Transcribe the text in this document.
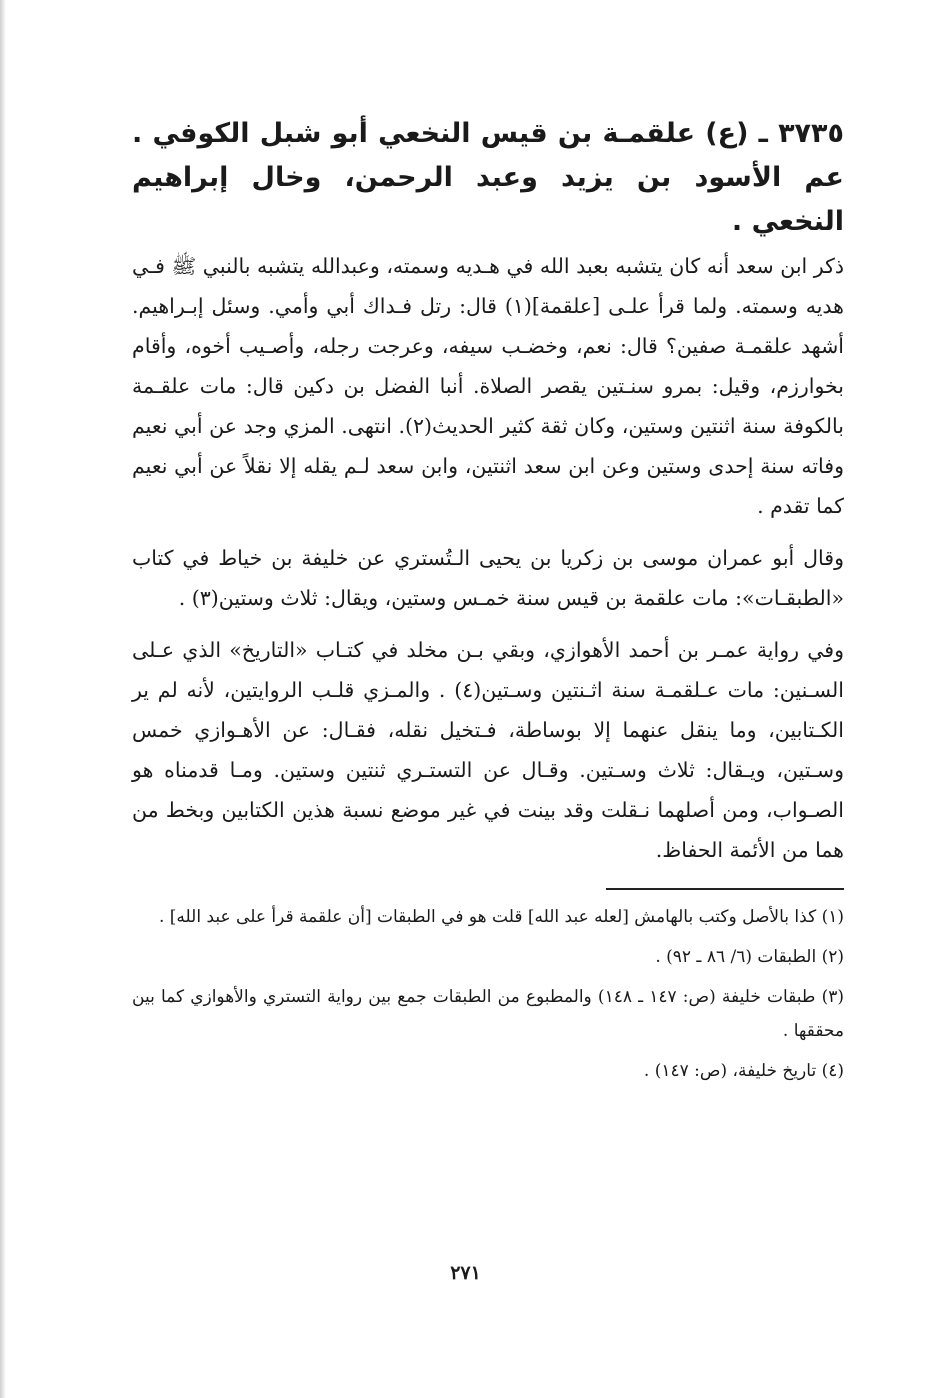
٣٧٣٥ ـ (ع) علقمـة بن قيس النخعي أبو شبل الكوفي . عم الأسود بن يزيد وعبد الرحمن، وخال إبراهيم النخعي .

ذكر ابن سعد أنه كان يتشبه بعبد الله في هـديه وسمته، وعبدالله يتشبه بالنبي ﷺ فـي هديه وسمته. ولما قرأ علـى [علقمة](١) قال: رتل فـداك أبي وأمي. وسئل إبـراهيم. أشهد علقمـة صفين؟ قال: نعم، وخضـب سيفه، وعرجت رجله، وأصـيب أخوه، وأقام بخوارزم، وقيل: بمرو سنـتين يقصر الصلاة. أنبا الفضل بن دكين قال: مات علقـمة بالكوفة سنة اثنتين وستين، وكان ثقة كثير الحديث(٢). انتهى. المزي وجد عن أبي نعيم وفاته سنة إحدى وستين وعن ابن سعد اثنتين، وابن سعد لـم يقله إلا نقلاً عن أبي نعيم كما تقدم .

وقال أبو عمران موسى بن زكريا بن يحيى الـتُستري عن خليفة بن خياط في كتاب «الطبقـات»: مات علقمة بن قيس سنة خمـس وستين، ويقال: ثلاث وستين(٣) .

وفي رواية عمـر بن أحمد الأهوازي، وبقي بـن مخلد في كتـاب «التاريخ» الذي عـلى السـنين: مات عـلقمـة سنة اثـنتين وسـتين(٤) . والمـزي قلـب الروايتين، لأنه لم ير الكـتابين، وما ينقل عنهما إلا بوساطة، فـتخيل نقله، فقـال: عن الأهـوازي خمس وسـتين، ويـقال: ثلاث وسـتين. وقـال عن التستـري ثنتين وستين. ومـا قدمناه هو الصـواب، ومن أصلهما نـقلت وقد بينت في غير موضع نسبة هذين الكتابين وبخط من هما من الأئمة الحفاظ.

(١) كذا بالأصل وكتب بالهامش [لعله عبد الله] قلت هو في الطبقات [أن علقمة قرأ على عبد الله] .

(٢) الطبقات (٦/ ٨٦ ـ ٩٢) .

(٣) طبقات خليفة (ص: ١٤٧ ـ ١٤٨) والمطبوع من الطبقات جمع بين رواية التستري والأهوازي كما بين محققها .

(٤) تاريخ خليفة، (ص: ١٤٧) .

٢٧١
